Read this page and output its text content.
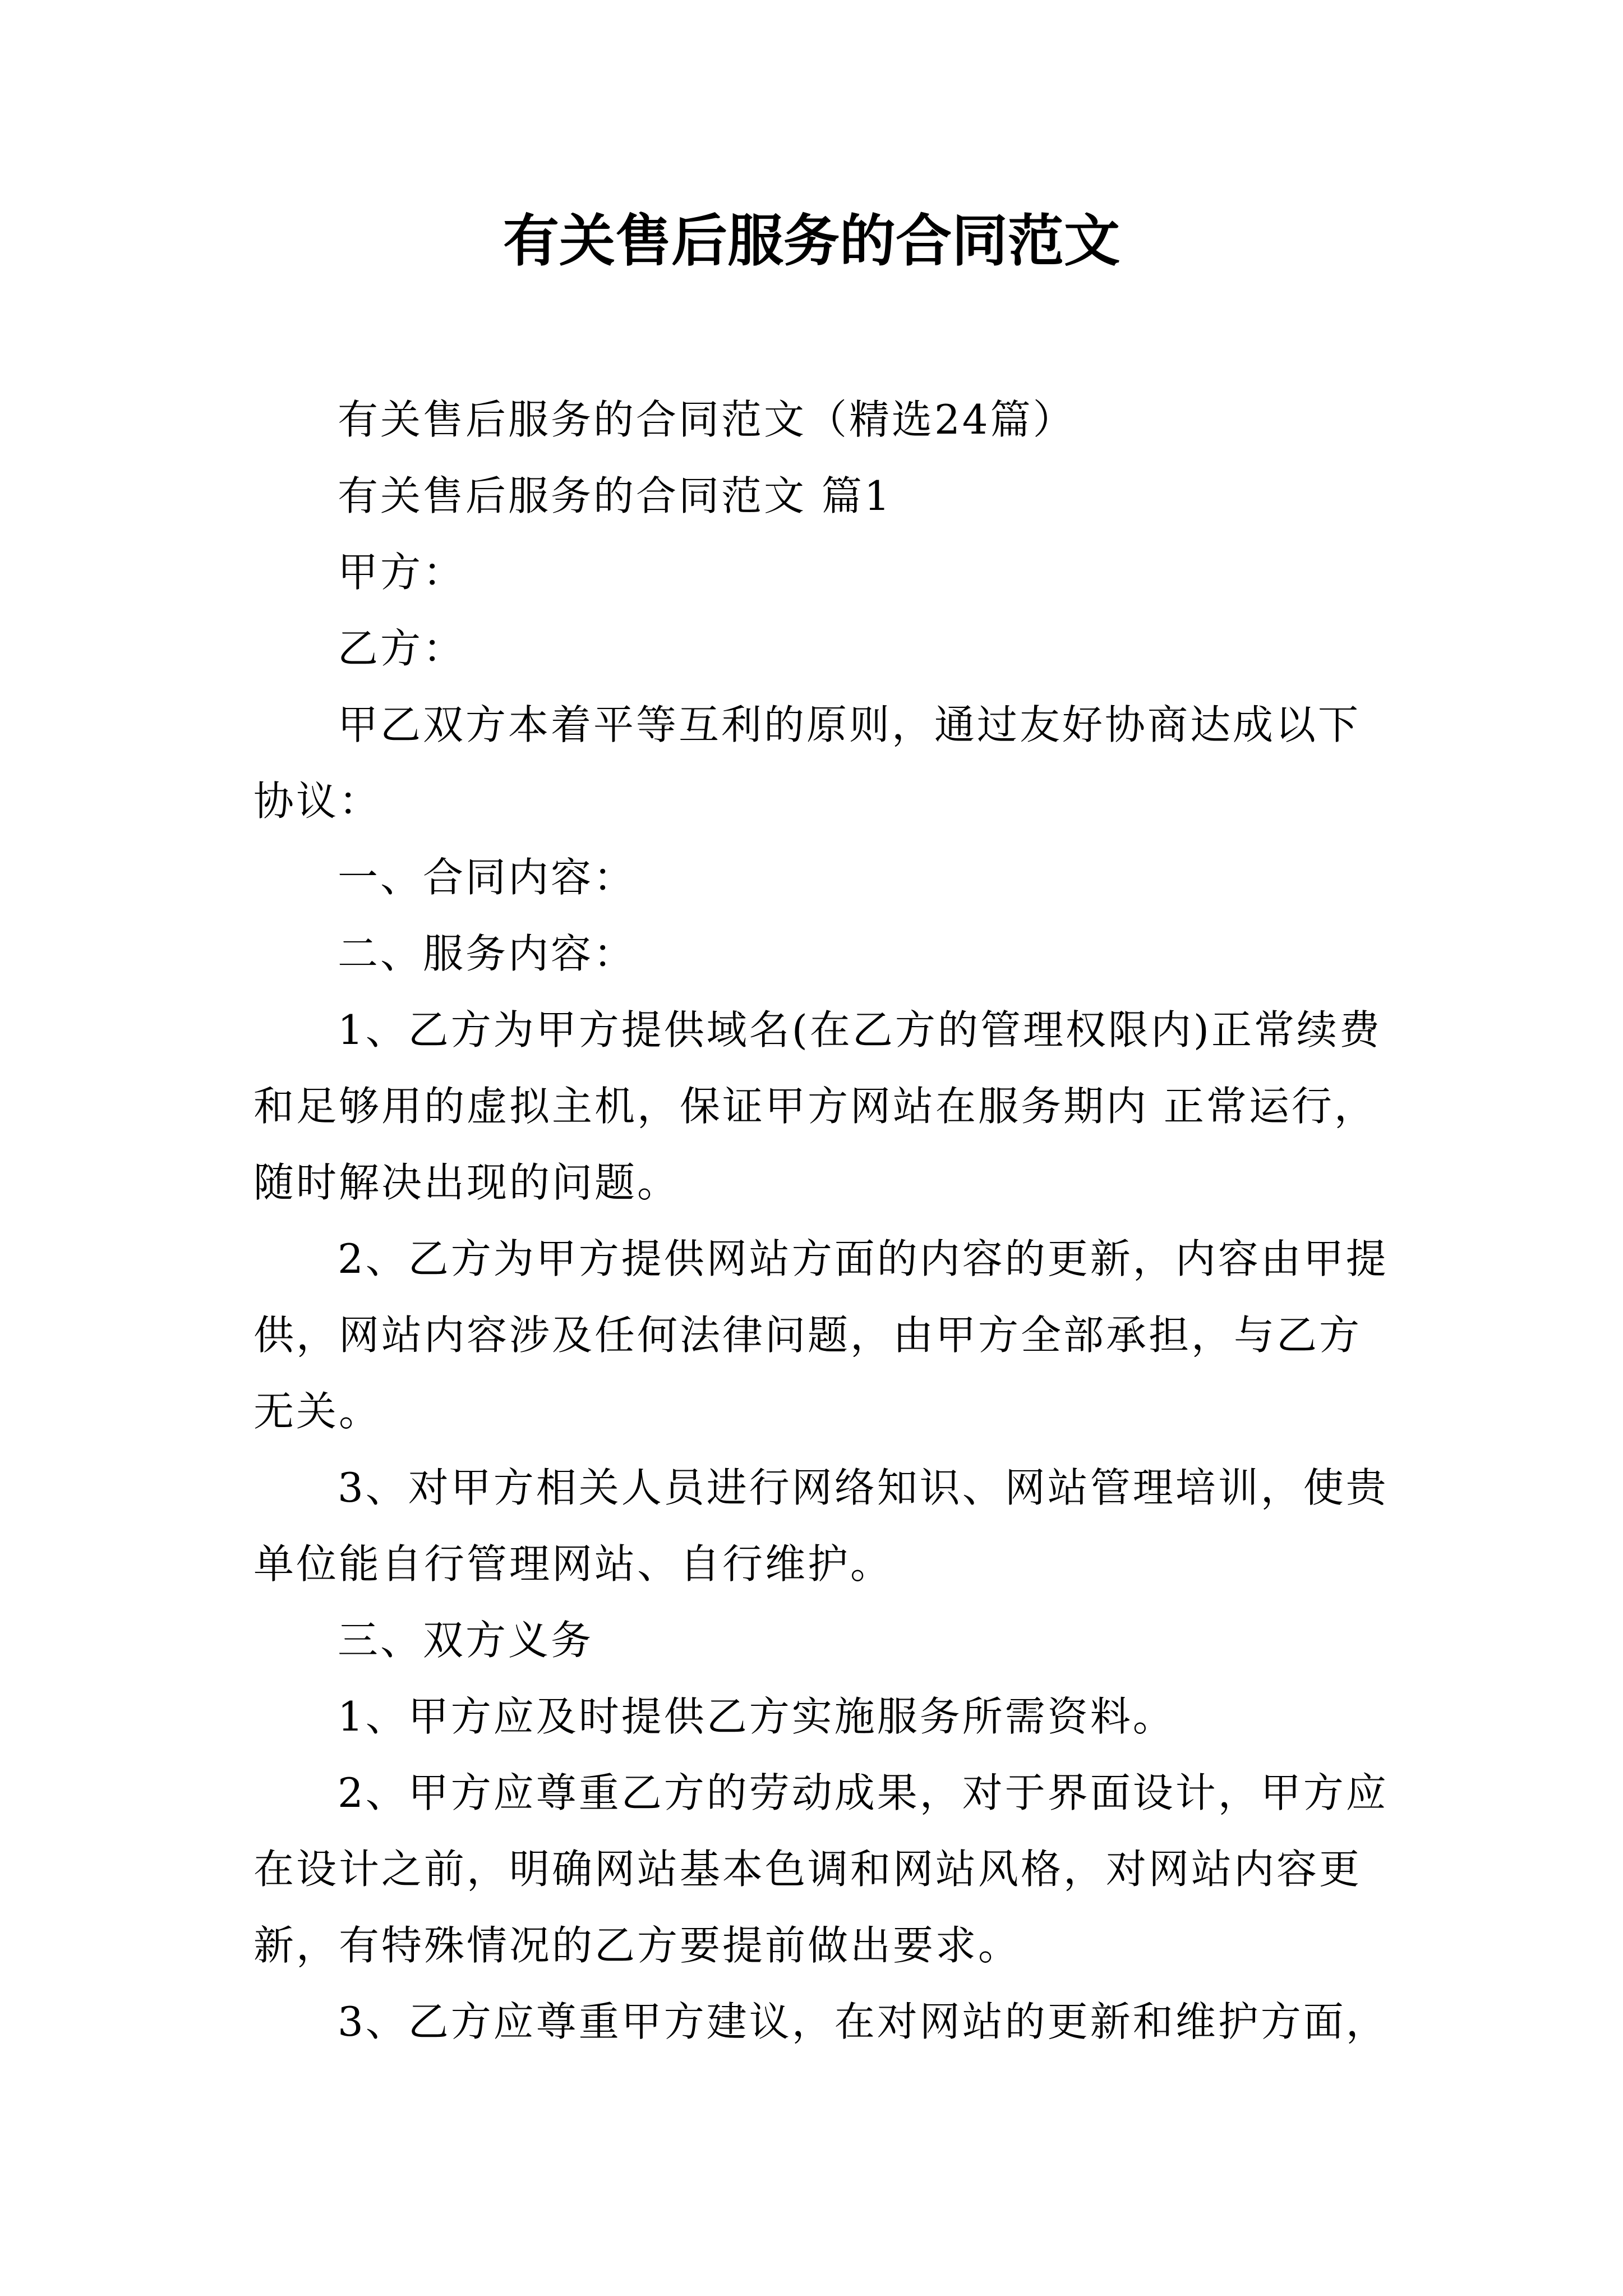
有关售后服务的合同范文

有关售后服务的合同范文（精选24篇）

有关售后服务的合同范文 篇1

甲方：

乙方：

甲乙双方本着平等互利的原则，通过友好协商达成以下协议：

一、合同内容：

二、服务内容：

1、乙方为甲方提供域名(在乙方的管理权限内)正常续费和足够用的虚拟主机，保证甲方网站在服务期内 正常运行， 随时解决出现的问题。

2、乙方为甲方提供网站方面的内容的更新，内容由甲提供，网站内容涉及任何法律问题，由甲方全部承担，与乙方无关。

3、对甲方相关人员进行网络知识、网站管理培训，使贵单位能自行管理网站、自行维护。

三、双方义务

1、甲方应及时提供乙方实施服务所需资料。

2、甲方应尊重乙方的劳动成果，对于界面设计，甲方应在设计之前，明确网站基本色调和网站风格，对网站内容更新，有特殊情况的乙方要提前做出要求。

3、乙方应尊重甲方建议，在对网站的更新和维护方面，
